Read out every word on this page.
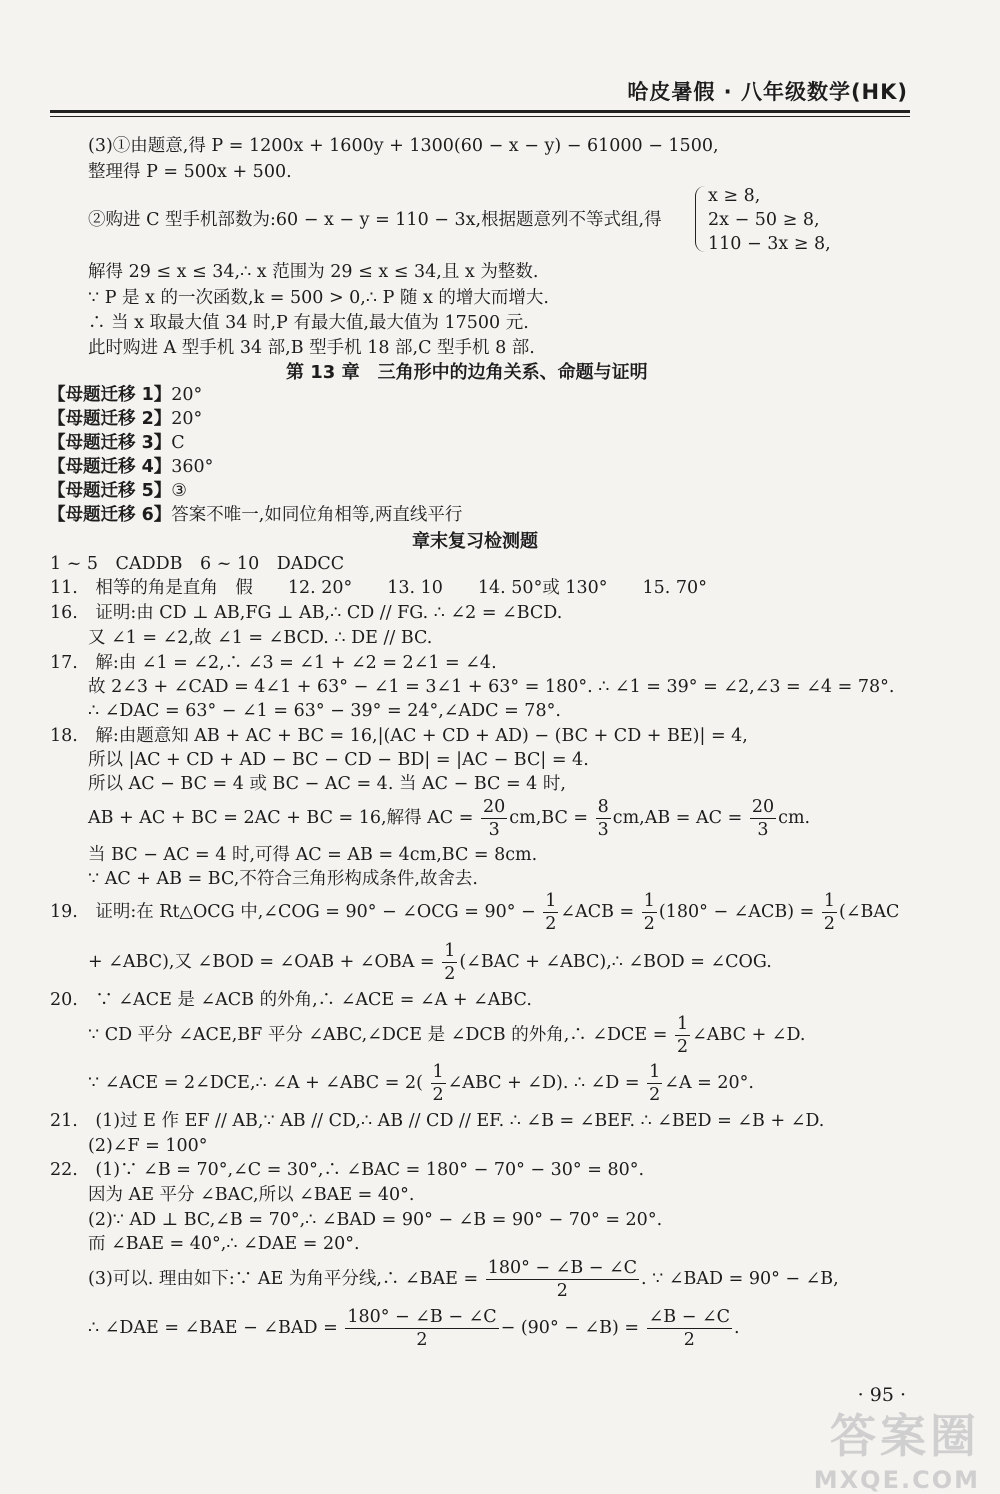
哈皮暑假 · 八年级数学(HK)
(3)①由题意,得 P = 1200x + 1600y + 1300(60 − x − y) − 61000 − 1500,
整理得 P = 500x + 500.
②购进 C 型手机部数为:60 − x − y = 110 − 3x,根据题意列不等式组,得
x ≥ 8,
2x − 50 ≥ 8,
110 − 3x ≥ 8,
解得 29 ≤ x ≤ 34,∴ x 范围为 29 ≤ x ≤ 34,且 x 为整数.
∵ P 是 x 的一次函数,k = 500 > 0,∴ P 随 x 的增大而增大.
∴ 当 x 取最大值 34 时,P 有最大值,最大值为 17500 元.
此时购进 A 型手机 34 部,B 型手机 18 部,C 型手机 8 部.
第 13 章　三角形中的边角关系、命题与证明
【母题迁移 1】20°
【母题迁移 2】20°
【母题迁移 3】C
【母题迁移 4】360°
【母题迁移 5】③
【母题迁移 6】答案不唯一,如同位角相等,两直线平行
章末复习检测题
1 ~ 5　CADDB　6 ~ 10　DADCC
11.　相等的角是直角　假　　12. 20°　　13. 10　　14. 50°或 130°　　15. 70°
16.　证明:由 CD ⊥ AB,FG ⊥ AB,∴ CD // FG. ∴ ∠2 = ∠BCD.
又 ∠1 = ∠2,故 ∠1 = ∠BCD. ∴ DE // BC.
17.　解:由 ∠1 = ∠2,∴ ∠3 = ∠1 + ∠2 = 2∠1 = ∠4.
故 2∠3 + ∠CAD = 4∠1 + 63° − ∠1 = 3∠1 + 63° = 180°. ∴ ∠1 = 39° = ∠2,∠3 = ∠4 = 78°.
∴ ∠DAC = 63° − ∠1 = 63° − 39° = 24°,∠ADC = 78°.
18.　解:由题意知 AB + AC + BC = 16,|(AC + CD + AD) − (BC + CD + BE)| = 4,
所以 |AC + CD + AD − BC − CD − BD| = |AC − BC| = 4.
所以 AC − BC = 4 或 BC − AC = 4. 当 AC − BC = 4 时,
AB + AC + BC = 2AC + BC = 16,解得 AC = $\frac{20}{3} cm,BC = \frac{8}{3} cm,AB$ = AC = $\frac{20}{3}$ cm.
当 BC − AC = 4 时,可得 AC = AB = 4cm,BC = 8cm.
∵ AC + AB = BC,不符合三角形构成条件,故舍去.
19.　证明:在 Rt△OCG 中,∠COG = 90° − ∠OCG = $90^\circ - \frac{1}{2}$ ∠ACB = $\frac{1}{2} (180^\circ$ − ∠ACB) = $\frac{1}{2}$ (∠BAC
+ ∠ABC),又 ∠BOD = ∠OAB + ∠OBA = $\frac{1}{2}$ (∠BAC + ∠ABC),∴ ∠BOD = ∠COG.
20.　∵ ∠ACE 是 ∠ACB 的外角,∴ ∠ACE = ∠A + ∠ABC.
∵ CD 平分 ∠ACE,BF 平分 ∠ABC,∠DCE 是 ∠DCB 的外角,∴ ∠DCE = $\frac{1}{2}$ ∠ABC + ∠D.
∵ ∠ACE = 2∠DCE,∴ ∠A + ∠ABC = $2( \frac{1}{2}$ ∠ABC + ∠D). ∴ ∠D = $\frac{1}{2}$ ∠A = 20°.
21.　(1)过 E 作 EF // AB,∵ AB // CD,∴ AB // CD // EF. ∴ ∠B = ∠BEF. ∴ ∠BED = ∠B + ∠D.
(2)∠F = 100°
22.　(1)∵ ∠B = 70°,∠C = 30°,∴ ∠BAC = 180° − 70° − 30° = 80°.
因为 AE 平分 ∠BAC,所以 ∠BAE = 40°.
(2)∵ AD ⊥ BC,∠B = 70°,∴ ∠BAD = 90° − ∠B = 90° − 70° = 20°.
而 ∠BAE = 40°,∴ ∠DAE = 20°.
(3)可以. 理由如下:∵ AE 为角平分线,∴ ∠BAE = $\frac{180^\circ - \angle B - \angle C}{2}$ . ∵ ∠BAD = 90° − ∠B,
∴ ∠DAE = ∠BAE − ∠BAD = $\frac{180^\circ - \angle B - \angle C}{2} - (90^\circ$ − ∠B) = $\frac{\angle B - \angle C}{2}$ .
· 95 ·
答案圈
MXQE.COM
